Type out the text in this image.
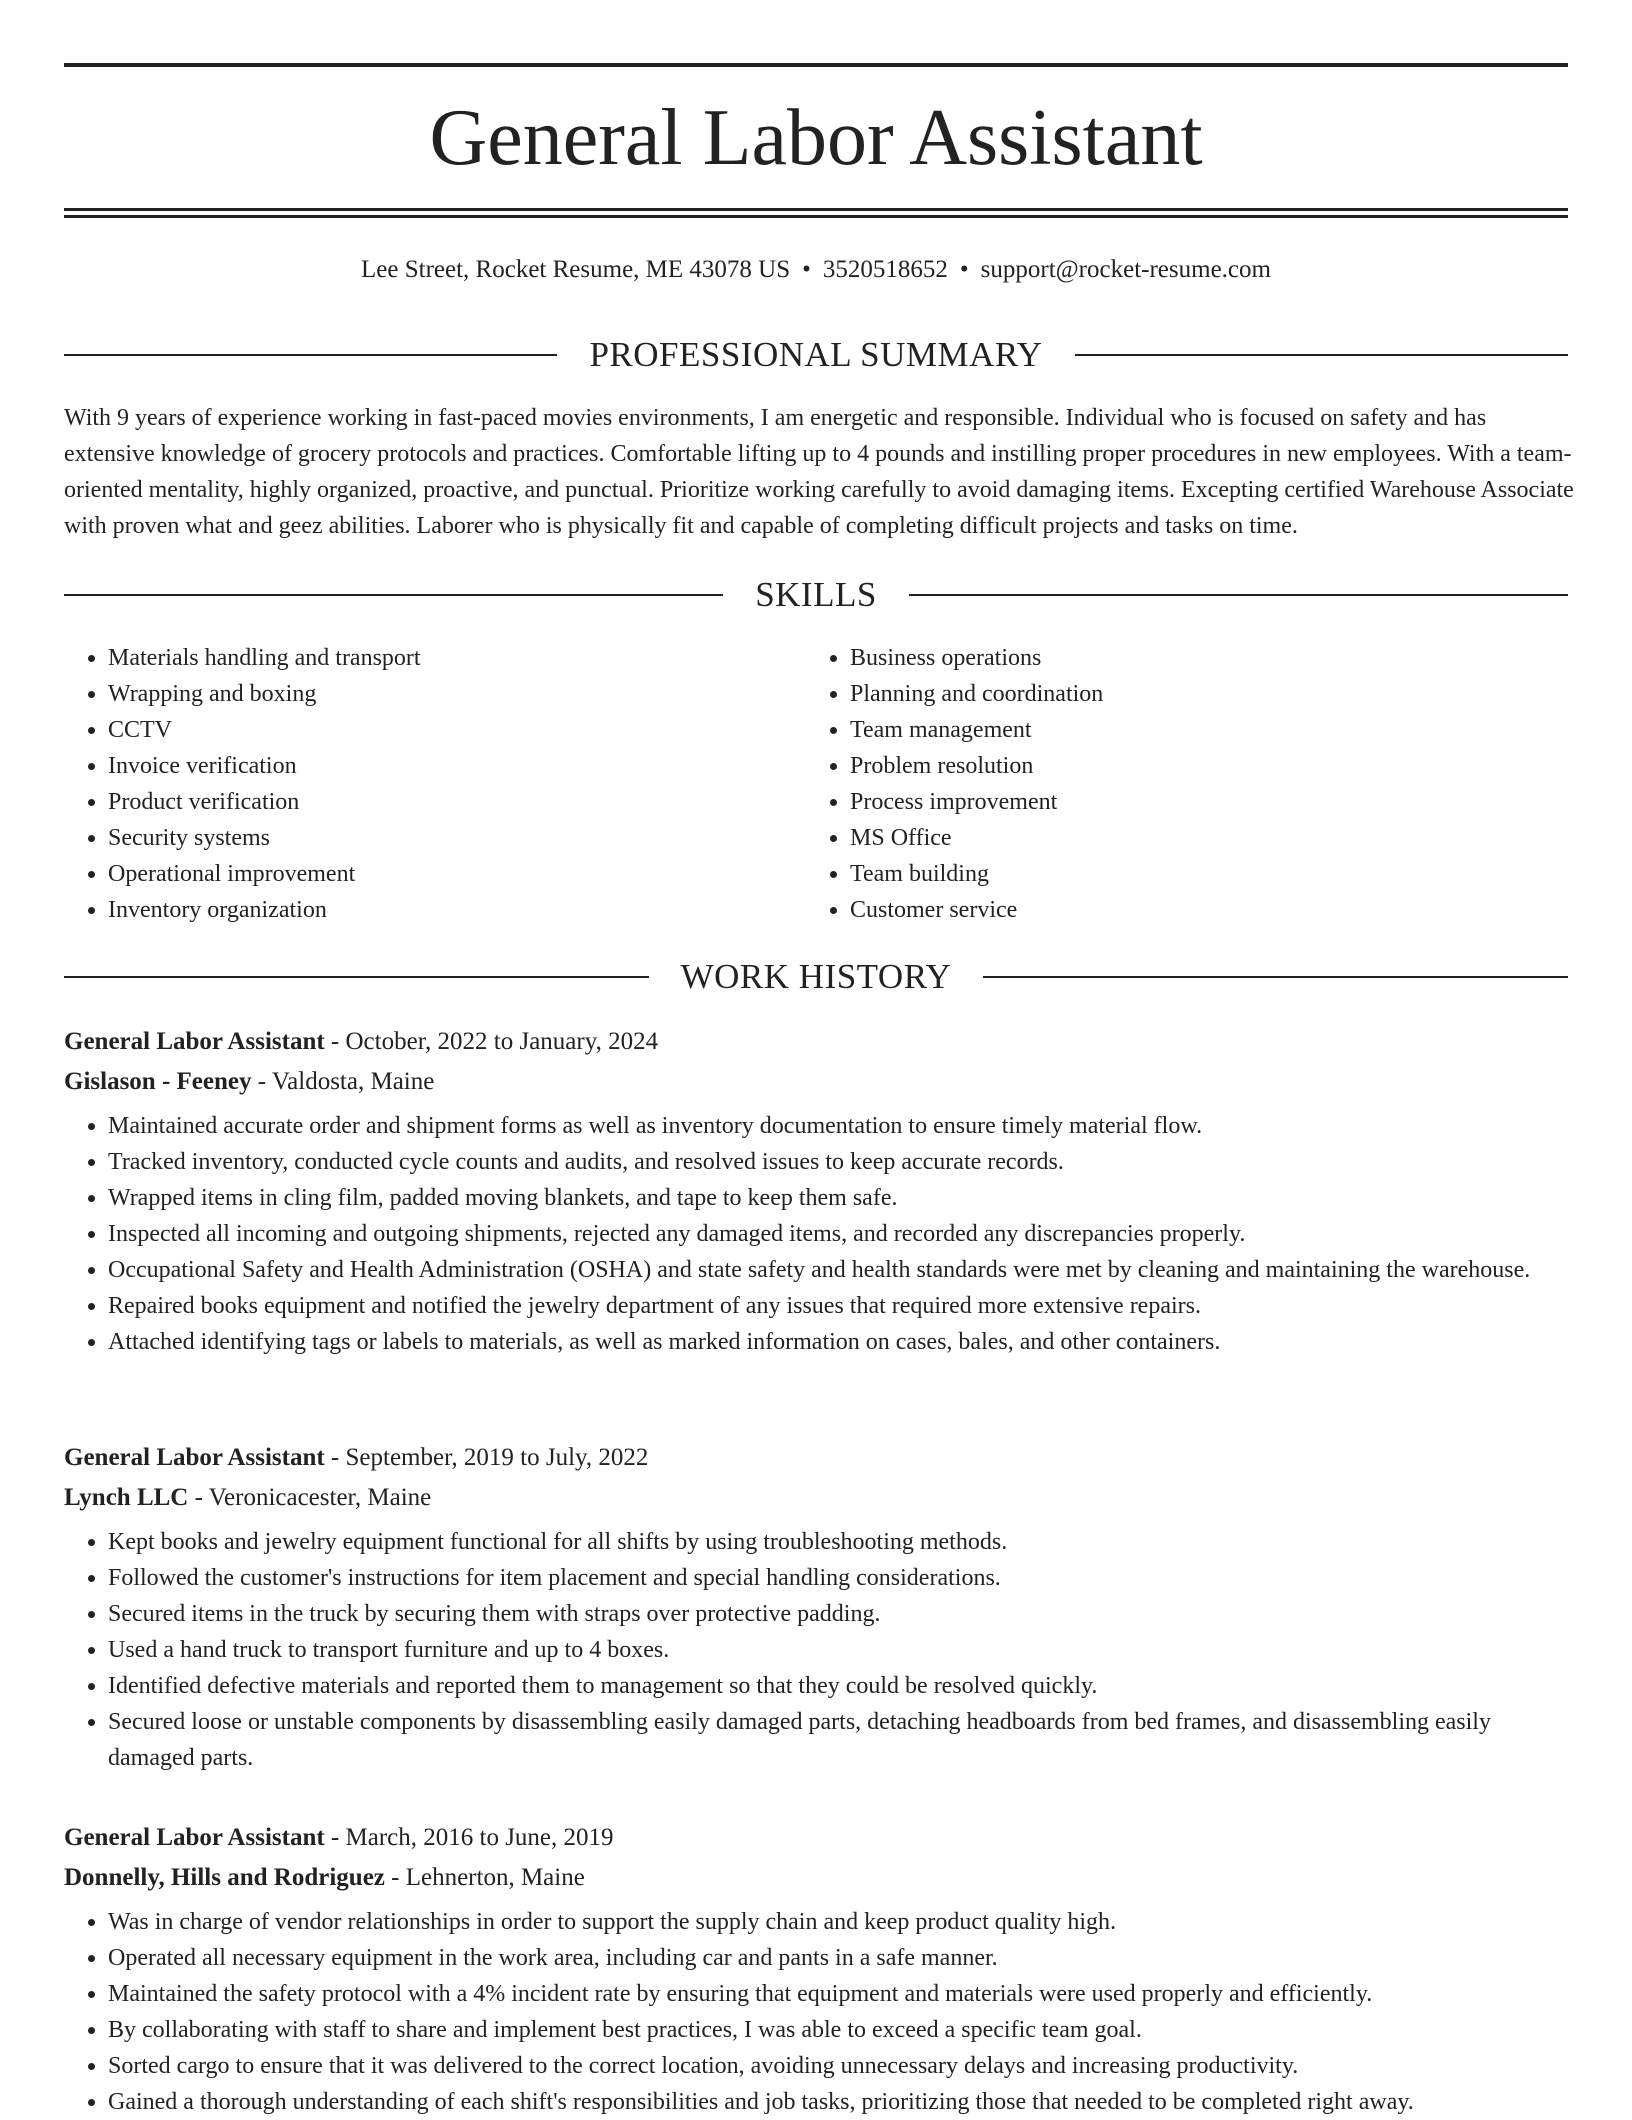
General Labor Assistant
Lee Street, Rocket Resume, ME 43078 US • 3520518652 • support@rocket-resume.com
PROFESSIONAL SUMMARY

With 9 years of experience working in fast-paced movies environments, I am energetic and responsible. Individual who is focused on safety and has extensive knowledge of grocery protocols and practices. Comfortable lifting up to 4 pounds and instilling proper procedures in new employees. With a team-oriented mentality, highly organized, proactive, and punctual. Prioritize working carefully to avoid damaging items. Excepting certified Warehouse Associate with proven what and geez abilities. Laborer who is physically fit and capable of completing difficult projects and tasks on time.

SKILLS
• Materials handling and transport
• Wrapping and boxing
• CCTV
• Invoice verification
• Product verification
• Security systems
• Operational improvement
• Inventory organization
• Business operations
• Planning and coordination
• Team management
• Problem resolution
• Process improvement
• MS Office
• Team building
• Customer service
WORK HISTORY
General Labor Assistant - October, 2022 to January, 2024
Gislason - Feeney - Valdosta, Maine
• Maintained accurate order and shipment forms as well as inventory documentation to ensure timely material flow.
• Tracked inventory, conducted cycle counts and audits, and resolved issues to keep accurate records.
• Wrapped items in cling film, padded moving blankets, and tape to keep them safe.
• Inspected all incoming and outgoing shipments, rejected any damaged items, and recorded any discrepancies properly.
• Occupational Safety and Health Administration (OSHA) and state safety and health standards were met by cleaning and maintaining the warehouse.
• Repaired books equipment and notified the jewelry department of any issues that required more extensive repairs.
• Attached identifying tags or labels to materials, as well as marked information on cases, bales, and other containers.
General Labor Assistant - September, 2019 to July, 2022
Lynch LLC - Veronicacester, Maine
• Kept books and jewelry equipment functional for all shifts by using troubleshooting methods.
• Followed the customer's instructions for item placement and special handling considerations.
• Secured items in the truck by securing them with straps over protective padding.
• Used a hand truck to transport furniture and up to 4 boxes.
• Identified defective materials and reported them to management so that they could be resolved quickly.
• Secured loose or unstable components by disassembling easily damaged parts, detaching headboards from bed frames, and disassembling easily damaged parts.
General Labor Assistant - March, 2016 to June, 2019
Donnelly, Hills and Rodriguez - Lehnerton, Maine
• Was in charge of vendor relationships in order to support the supply chain and keep product quality high.
• Operated all necessary equipment in the work area, including car and pants in a safe manner.
• Maintained the safety protocol with a 4% incident rate by ensuring that equipment and materials were used properly and efficiently.
• By collaborating with staff to share and implement best practices, I was able to exceed a specific team goal.
• Sorted cargo to ensure that it was delivered to the correct location, avoiding unnecessary delays and increasing productivity.
• Gained a thorough understanding of each shift's responsibilities and job tasks, prioritizing those that needed to be completed right away.
